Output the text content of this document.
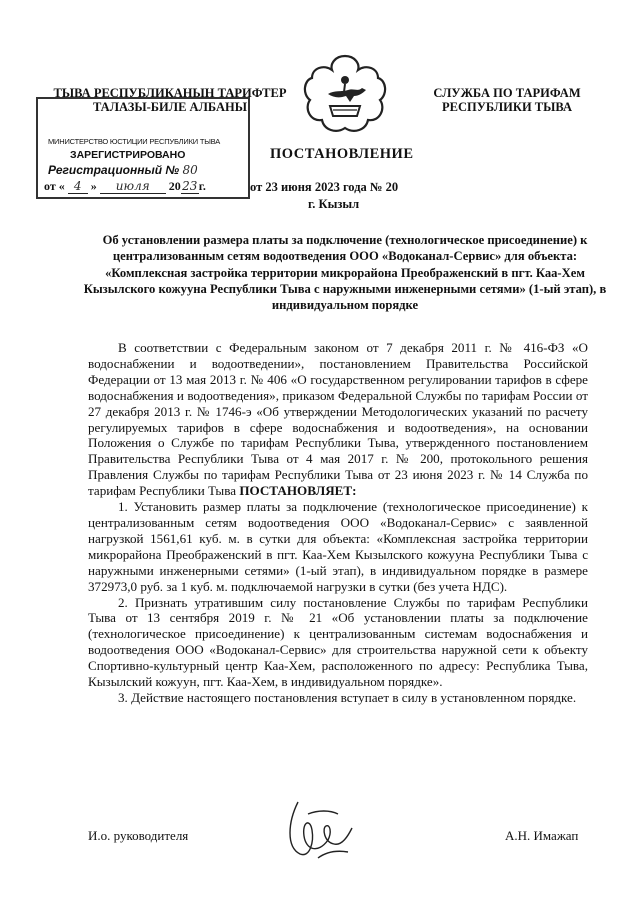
ТЫВА РЕСПУБЛИКАНЫН ТАРИФТЕР ТАЛАЗЫ-БИЛЕ АЛБАНЫ
СЛУЖБА ПО ТАРИФАМ РЕСПУБЛИКИ ТЫВА
МИНИСТЕРСТВО ЮСТИЦИИ РЕСПУБЛИКИ ТЫВА
ЗАРЕГИСТРИРОВАНО
Регистрационный № 80
от « 4 » июля 2023г.
ПОСТАНОВЛЕНИЕ
от 23 июня 2023 года № 20
г. Кызыл
Об установлении размера платы за подключение (технологическое присоединение) к централизованным сетям водоотведения ООО «Водоканал-Сервис» для объекта: «Комплексная застройка территории микрорайона Преображенский в пгт. Каа-Хем Кызылского кожууна Республики Тыва с наружными инженерными сетями» (1-ый этап), в индивидуальном порядке

В соответствии с Федеральным законом от 7 декабря 2011 г. № 416-ФЗ «О водоснабжении и водоотведении», постановлением Правительства Российской Федерации от 13 мая 2013 г. № 406 «О государственном регулировании тарифов в сфере водоснабжения и водоотведения», приказом Федеральной Службы по тарифам России от 27 декабря 2013 г. № 1746-э «Об утверждении Методологических указаний по расчету регулируемых тарифов в сфере водоснабжения и водоотведения», на основании Положения о Службе по тарифам Республики Тыва, утвержденного постановлением Правительства Республики Тыва от 4 мая 2017 г. № 200, протокольного решения Правления Службы по тарифам Республики Тыва от 23 июня 2023 г. № 14 Служба по тарифам Республики Тыва ПОСТАНОВЛЯЕТ:

1. Установить размер платы за подключение (технологическое присоединение) к централизованным сетям водоотведения ООО «Водоканал-Сервис» с заявленной нагрузкой 1561,61 куб. м. в сутки для объекта: «Комплексная застройка территории микрорайона Преображенский в пгт. Каа-Хем Кызылского кожууна Республики Тыва с наружными инженерными сетями» (1-ый этап), в индивидуальном порядке в размере 372973,0 руб. за 1 куб. м. подключаемой нагрузки в сутки (без учета НДС).

2. Признать утратившим силу постановление Службы по тарифам Республики Тыва от 13 сентября 2019 г. № 21 «Об установлении платы за подключение (технологическое присоединение) к централизованным системам водоснабжения и водоотведения ООО «Водоканал-Сервис» для строительства наружной сети к объекту Спортивно-культурный центр Каа-Хем, расположенного по адресу: Республика Тыва, Кызылский кожуун, пгт. Каа-Хем, в индивидуальном порядке».

3. Действие настоящего постановления вступает в силу в установленном порядке.

И.о. руководителя	А.Н. Имажап
